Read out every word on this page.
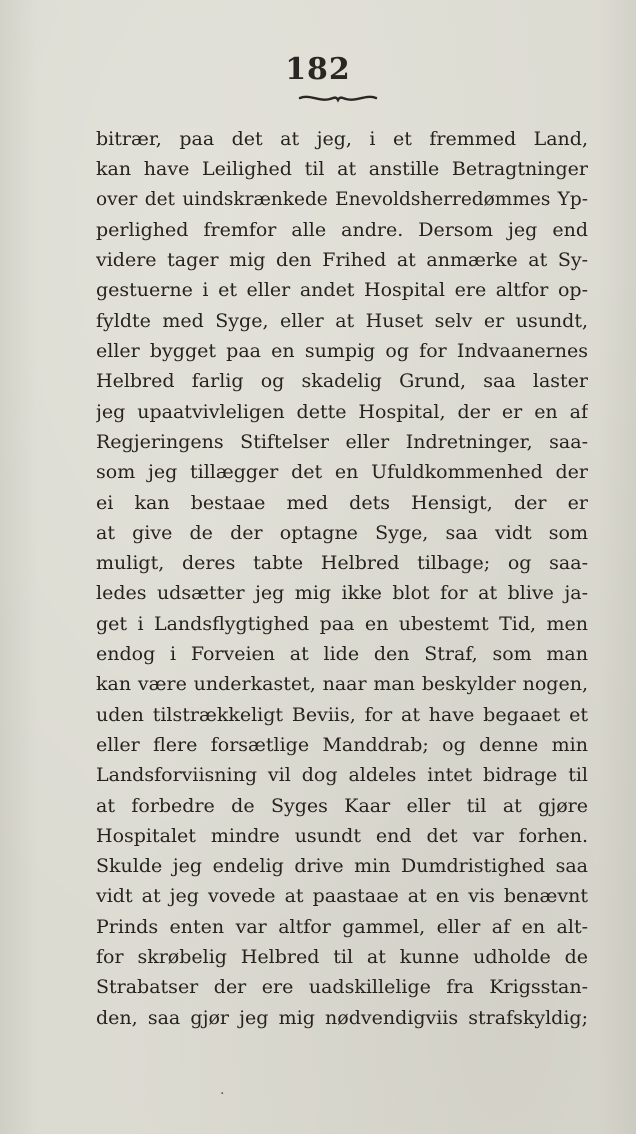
182
bitrær, paa det at jeg, i et fremmed Land,
kan have Leilighed til at anstille Betragtninger
over det uindskrænkede Enevoldsherredømmes Yp-
perlighed fremfor alle andre. Dersom jeg end
videre tager mig den Frihed at anmærke at Sy-
gestuerne i et eller andet Hospital ere altfor op-
fyldte med Syge, eller at Huset selv er usundt,
eller bygget paa en sumpig og for Indvaanernes
Helbred farlig og skadelig Grund, saa laster
jeg upaatvivleligen dette Hospital, der er en af
Regjeringens Stiftelser eller Indretninger, saa-
som jeg tillægger det en Ufuldkommenhed der
ei kan bestaae med dets Hensigt, der er
at give de der optagne Syge, saa vidt som
muligt, deres tabte Helbred tilbage; og saa-
ledes udsætter jeg mig ikke blot for at blive ja-
get i Landsflygtighed paa en ubestemt Tid, men
endog i Forveien at lide den Straf, som man
kan være underkastet, naar man beskylder nogen,
uden tilstrækkeligt Beviis, for at have begaaet et
eller flere forsætlige Manddrab; og denne min
Landsforviisning vil dog aldeles intet bidrage til
at forbedre de Syges Kaar eller til at gjøre
Hospitalet mindre usundt end det var forhen.
Skulde jeg endelig drive min Dumdristighed saa
vidt at jeg vovede at paastaae at en vis benævnt
Prinds enten var altfor gammel, eller af en alt-
for skrøbelig Helbred til at kunne udholde de
Strabatser der ere uadskillelige fra Krigsstan-
den, saa gjør jeg mig nødvendigviis strafskyldig;
.
